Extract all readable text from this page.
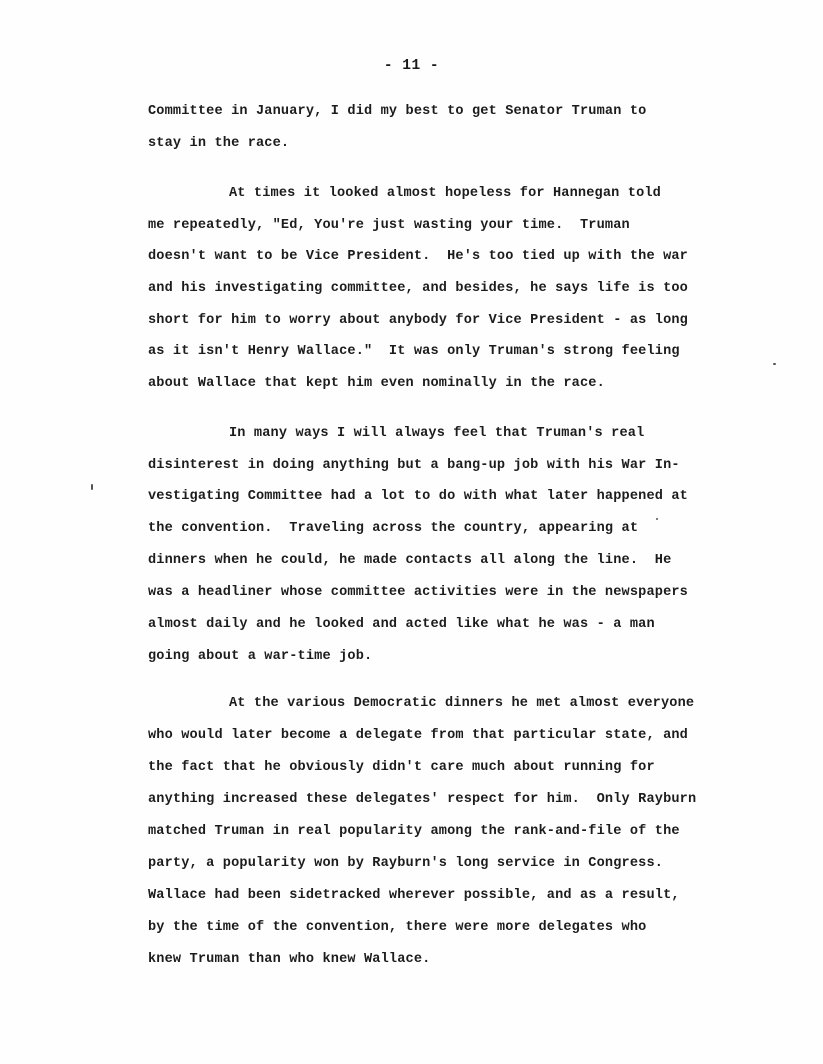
- 11 -
Committee in January, I did my best to get Senator Truman to
stay in the race.
At times it looked almost hopeless for Hannegan told
me repeatedly, "Ed, You're just wasting your time.  Truman
doesn't want to be Vice President.  He's too tied up with the war
and his investigating committee, and besides, he says life is too
short for him to worry about anybody for Vice President - as long
as it isn't Henry Wallace."  It was only Truman's strong feeling
about Wallace that kept him even nominally in the race.
In many ways I will always feel that Truman's real
disinterest in doing anything but a bang-up job with his War In-
vestigating Committee had a lot to do with what later happened at
the convention.  Traveling across the country, appearing at
dinners when he could, he made contacts all along the line.  He
was a headliner whose committee activities were in the newspapers
almost daily and he looked and acted like what he was - a man
going about a war-time job.
At the various Democratic dinners he met almost everyone
who would later become a delegate from that particular state, and
the fact that he obviously didn't care much about running for
anything increased these delegates' respect for him.  Only Rayburn
matched Truman in real popularity among the rank-and-file of the
party, a popularity won by Rayburn's long service in Congress.
Wallace had been sidetracked wherever possible, and as a result,
by the time of the convention, there were more delegates who
knew Truman than who knew Wallace.
